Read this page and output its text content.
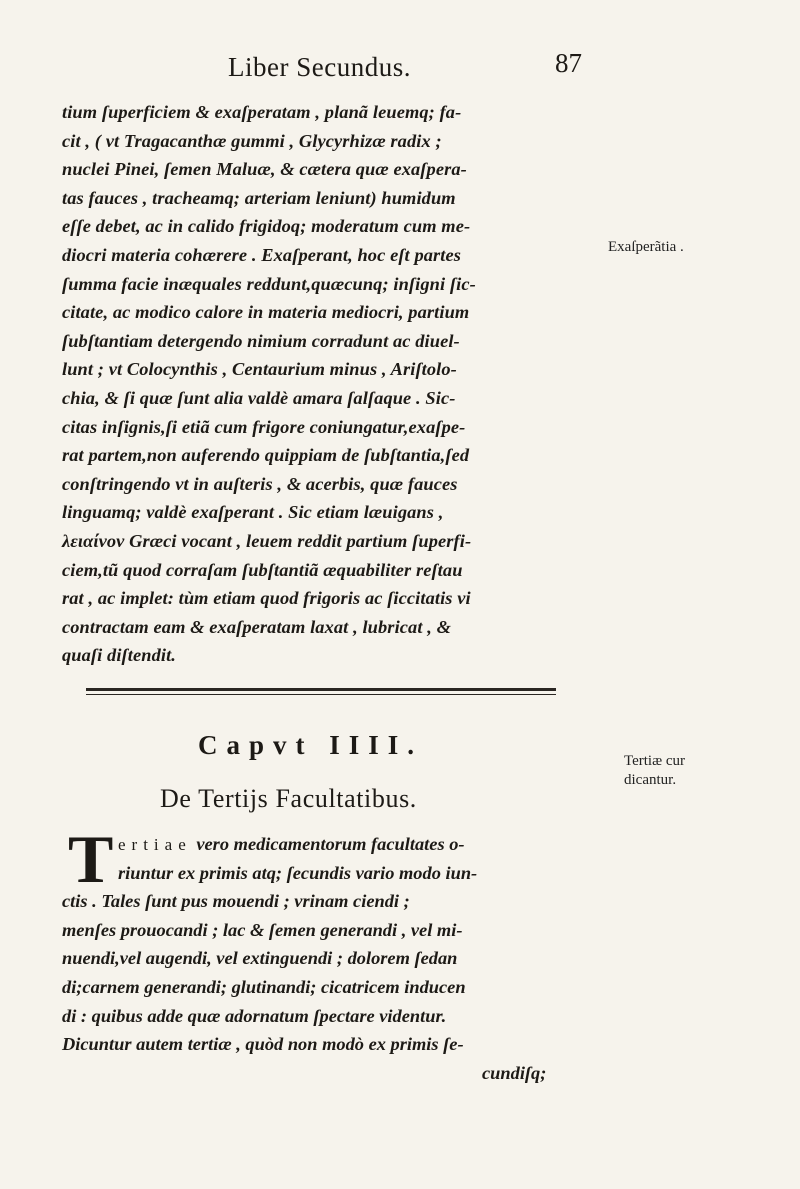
Liber Secundus.	87
tium ſuperficiem & exaſperatam , planã leuemq; fa-
cit , ( vt Tragacanthæ gummi , Glycyrhizæ radix ;
nuclei Pinei, ſemen Maluæ, & cætera quæ exaſpera-
tas fauces , tracheamq; arteriam leniunt) humidum
eſſe debet, ac in calido frigidoq; moderatum cum me-
diocri materia cohærere . Exaſperant, hoc eſt partes
ſumma facie inæquales reddunt,quæcunq; inſigni ſic-
citate, ac modico calore in materia mediocri, partium
ſubſtantiam detergendo nimium corradunt ac diuel-
lunt ; vt Colocynthis , Centaurium minus , Ariſtolo-
chia, & ſi quæ ſunt alia valdè amara ſalſaque . Sic-
citas inſignis,ſi etiã cum frigore coniungatur,exaſpe-
rat partem,non auferendo quippiam de ſubſtantia,ſed
conſtringendo vt in auſteris , & acerbis, quæ fauces
linguamq; valdè exaſperant . Sic etiam læuigans ,
λειαίνον Græci vocant , leuem reddit partium ſuperfi-
ciem,tũ quod corraſam ſubſtantiã æquabiliter reſtau
rat , ac implet: tùm etiam quod frigoris ac ſiccitatis vi
contractam eam & exaſperatam laxat , lubricat , &
quaſi diſtendit.
Exaſperãtia .
Capvt IIII.
De Tertijs Facultatibus.
T ertiae vero medicamentorum facultates o-
riuntur ex primis atq; ſecundis vario modo iun-
ctis . Tales ſunt pus mouendi ; vrinam ciendi ;
menſes prouocandi ; lac & ſemen generandi , vel mi-
nuendi,vel augendi, vel extinguendi ; dolorem ſedan
di;carnem generandi; glutinandi; cicatricem inducen
di : quibus adde quæ adornatum ſpectare videntur.
Dicuntur autem tertiæ , quòd non modò ex primis ſe-
cundiſq;
Tertiæ cur
dicantur.
